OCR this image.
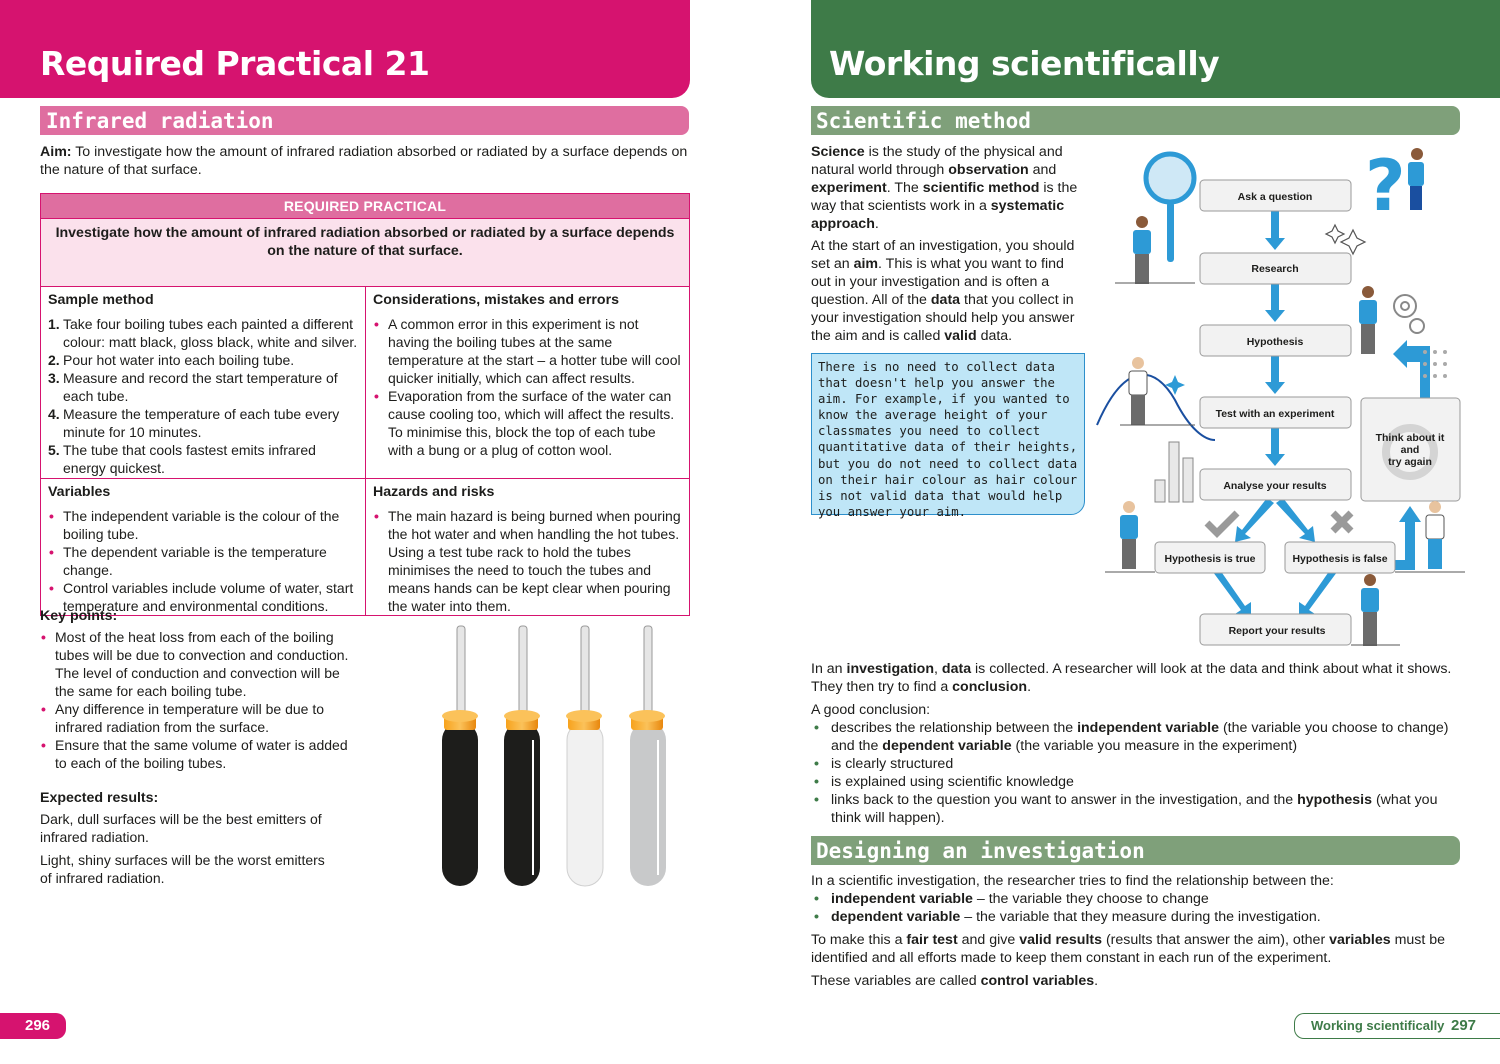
Required Practical 21
Infrared radiation
Aim: To investigate how the amount of infrared radiation absorbed or radiated by a surface depends on the nature of that surface.
REQUIRED PRACTICAL
Investigate how the amount of infrared radiation absorbed or radiated by a surface depends on the nature of that surface.
Sample method
1. Take four boiling tubes each painted a different colour: matt black, gloss black, white and silver.
2. Pour hot water into each boiling tube.
3. Measure and record the start temperature of each tube.
4. Measure the temperature of each tube every minute for 10 minutes.
5. The tube that cools fastest emits infrared energy quickest.
Considerations, mistakes and errors
• A common error in this experiment is not having the boiling tubes at the same temperature at the start – a hotter tube will cool quicker initially, which can affect results.
• Evaporation from the surface of the water can cause cooling too, which will affect the results. To minimise this, block the top of each tube with a bung or a plug of cotton wool.
Variables
• The independent variable is the colour of the boiling tube.
• The dependent variable is the temperature change.
• Control variables include volume of water, start temperature and environmental conditions.
Hazards and risks
• The main hazard is being burned when pouring the hot water and when handling the hot tubes. Using a test tube rack to hold the tubes minimises the need to touch the tubes and means hands can be kept clear when pouring the water into them.
Key points:
• Most of the heat loss from each of the boiling tubes will be due to convection and conduction. The level of conduction and convection will be the same for each boiling tube.
• Any difference in temperature will be due to infrared radiation from the surface.
• Ensure that the same volume of water is added to each of the boiling tubes.
Expected results:

Dark, dull surfaces will be the best emitters of infrared radiation.

Light, shiny surfaces will be the worst emitters of infrared radiation.

296
Working scientifically
Scientific method

Science is the study of the physical and natural world through observation and experiment. The scientific method is the way that scientists work in a systematic approach.

At the start of an investigation, you should set an aim. This is what you want to find out in your investigation and is often a question. All of the data that you collect in your investigation should help you answer the aim and is called valid data.

There is no need to collect data that doesn't help you answer the aim. For example, if you wanted to know the average height of your classmates you need to collect quantitative data of their heights, but you do not need to collect data on their hair colour as hair colour is not valid data that would help you answer your aim.
Ask a question
Research
Hypothesis
Test with an experiment
Analyse your results
Hypothesis is true	Hypothesis is false
Report your results
Think about it
and
try again
?

In an investigation, data is collected. A researcher will look at the data and think about what it shows. They then try to find a conclusion.

A good conclusion:

• describes the relationship between the independent variable (the variable you choose to change) and the dependent variable (the variable you measure in the experiment)
• is clearly structured
• is explained using scientific knowledge
• links back to the question you want to answer in the investigation, and the hypothesis (what you think will happen).
Designing an investigation

In a scientific investigation, the researcher tries to find the relationship between the:

• independent variable – the variable they choose to change
• dependent variable – the variable that they measure during the investigation.

To make this a fair test and give valid results (results that answer the aim), other variables must be identified and all efforts made to keep them constant in each run of the experiment.

These variables are called control variables.

Working scientifically 297
